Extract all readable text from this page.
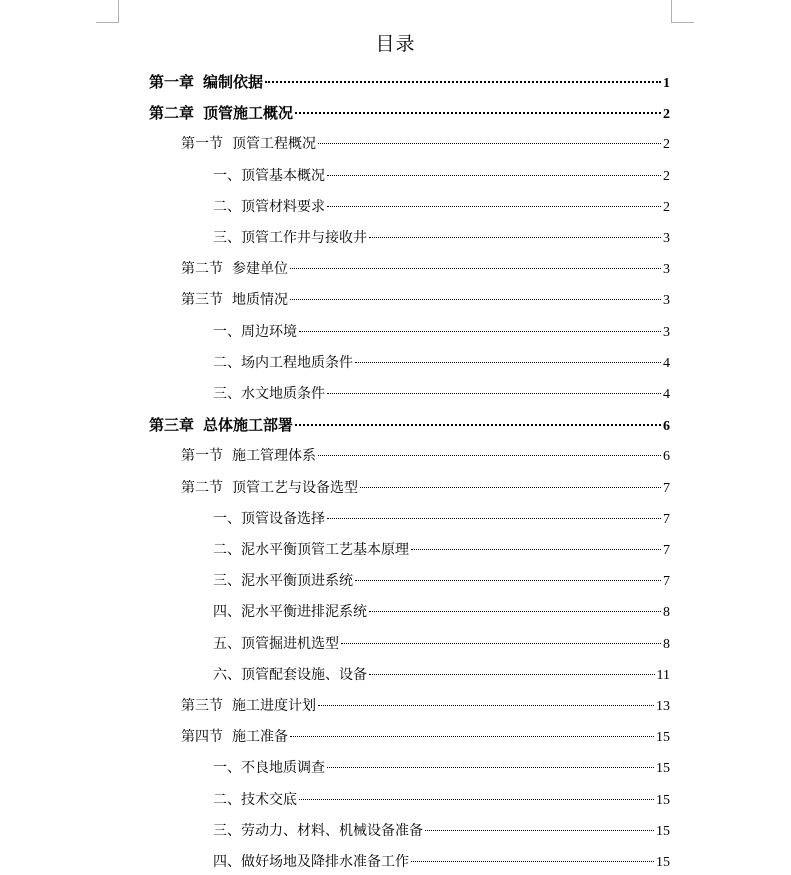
目录
第一章 编制依据	1
第二章 顶管施工概况	2
第一节 顶管工程概况	2
一、顶管基本概况	2
二、顶管材料要求	2
三、顶管工作井与接收井	3
第二节 参建单位	3
第三节 地质情况	3
一、周边环境	3
二、场内工程地质条件	4
三、水文地质条件	4
第三章 总体施工部署	6
第一节 施工管理体系	6
第二节 顶管工艺与设备选型	7
一、顶管设备选择	7
二、泥水平衡顶管工艺基本原理	7
三、泥水平衡顶进系统	7
四、泥水平衡进排泥系统	8
五、顶管掘进机选型	8
六、顶管配套设施、设备	11
第三节 施工进度计划	13
第四节 施工准备	15
一、不良地质调查	15
二、技术交底	15
三、劳动力、材料、机械设备准备	15
四、做好场地及降排水准备工作	15
